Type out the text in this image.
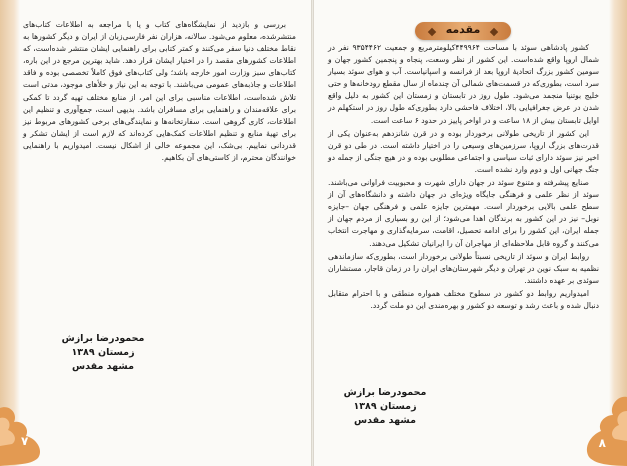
۷

بررسی و بازدید از نمایشگاه‌های کتاب و یا با مراجعه به اطلاعات کتاب‌های منتشرشده، معلوم می‌شود. سالانه، هزاران نفر فارسی‌زبان از ایران و دیگر کشورها به نقاط مختلف دنیا سفر می‌کنند و کمتر کتابی برای راهنمایی ایشان منتشر شده‌است، که اطلاعات کشورهای مقصد را در اختیار ایشان قرار دهد. شاید بهترین مرجع در این باره، کتاب‌های سبز وزارت امور خارجه باشد؛ ولی کتاب‌های فوق کاملاً تخصصی بوده و فاقد اطلاعات و جاذبه‌های عمومی می‌باشند. با توجه به این نیاز و خلأهای موجود، مدتی است تلاش شده‌است، اطلاعات مناسبی برای این امر، از منابع مختلف تهیه گردد تا کمکی برای علاقه‌مندان و راهنمایی برای مسافران باشد. بدیهی است، جمع‌آوری و تنظیم این اطلاعات، کاری گروهی است. سفارتخانه‌ها و نمایندگی‌های برخی کشورهای مربوط نیز برای تهیهٔ منابع و تنظیم اطلاعات کمک‌هایی کرده‌اند که لازم است از ایشان تشکر و قدردانی نماییم. بی‌شک، این مجموعه خالی از اشکال نیست. امیدواریم با راهنمایی خوانندگان محترم، از کاستی‌های آن بکاهیم.

محمودرضا برازش
زمستان ۱۳۸۹
مشهد مقدس
۸

کشور پادشاهی سوئد با مساحت ۴۴۹۹۶۴کیلومترمربع و جمعیت ۹۳۵۴۴۶۲ نفر در شمال اروپا واقع شده‌است. این کشور از نظر وسعت، پنجاه و پنجمین کشور جهان و سومین کشور بزرگ اتحادیهٔ اروپا بعد از فرانسه و اسپانیاست. آب و هوای سوئد بسیار سرد است، بطوری‌که در قسمت‌های شمالی آن چندماه از سال مقطع رودخانه‌ها و حتی خلیج بوتنیا منجمد می‌شود. طول روز در تابستان و زمستان این کشور به دلیل واقع شدن در عرض جغرافیایی بالا، اختلاف فاحشی دارد بطوری‌که طول روز در استکهلم در اوایل تابستان بیش از ۱۸ ساعت و در اواخر پاییز در حدود ۶ ساعت است.

این کشور از تاریخی طولانی برخوردار بوده و در قرن شانزدهم به‌عنوان یکی از قدرت‌های بزرگ اروپا، سرزمین‌های وسیعی را در اختیار داشته است. در طی دو قرن اخیر نیز سوئد دارای ثبات سیاسی و اجتماعی مطلوبی بوده و در هیچ جنگی از جمله دو جنگ جهانی اول و دوم وارد نشده است.

صنایع پیشرفته و متنوع سوئد در جهان دارای شهرت و محبوبیت فراوانی می‌باشند. سوئد از نظر علمی و فرهنگی جایگاه ویژه‌ای در جهان داشته و دانشگاه‌های آن از سطح علمی بالایی برخوردار است. مهمترین جایزه علمی و فرهنگی جهان –جایزه نوبل– نیز در این کشور به برندگان اهدا می‌شود؛ از این رو بسیاری از مردم جهان از جمله ایران، این کشور را برای ادامه تحصیل، اقامت، سرمایه‌گذاری و مهاجرت انتخاب می‌کنند و گروه قابل ملاحظه‌ای از مهاجران آن را ایرانیان تشکیل می‌دهند.

روابط ایران و سوئد از تاریخی نسبتاً طولانی برخوردار است، بطوری‌که سازماندهی نظمیه به سبک نوین در تهران و دیگر شهرستان‌های ایران را در زمان قاجار، مستشاران سوئدی بر عهده داشتند.

امیدواریم روابط دو کشور در سطوح مختلف همواره منطقی و با احترام متقابل دنبال شده و باعث رشد و توسعه دو کشور و بهره‌مندی این دو ملت گردد.

مقدمه
محمودرضا برازش
زمستان ۱۳۸۹
مشهد مقدس
